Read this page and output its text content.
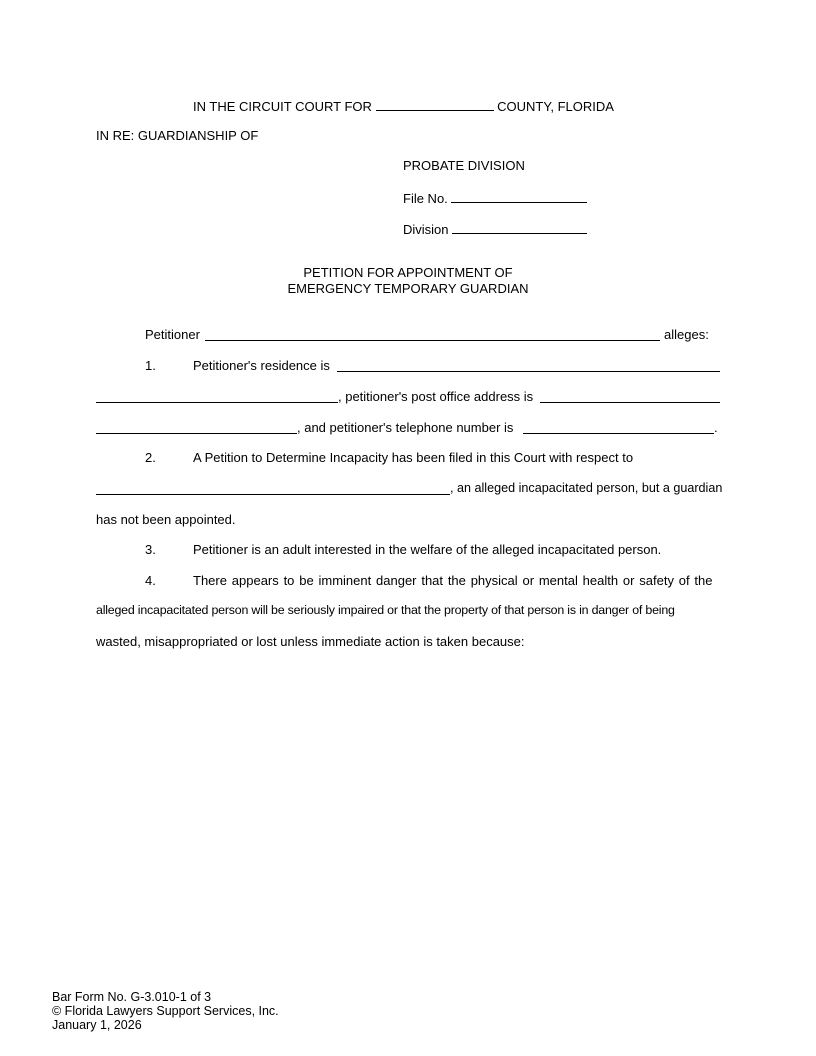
IN THE CIRCUIT COURT FOR	COUNTY, FLORIDA
IN RE: GUARDIANSHIP OF
PROBATE DIVISION
File No.
Division
PETITION FOR APPOINTMENT OF
EMERGENCY TEMPORARY GUARDIAN
Petitioner	alleges:
1.	Petitioner's residence is
, petitioner's post office address is
, and petitioner's telephone number is	.
2.	A Petition to Determine Incapacity has been filed in this Court with respect to
, an alleged incapacitated person, but a guardian
has not been appointed.
3.	Petitioner is an adult interested in the welfare of the alleged incapacitated person.
4.	There appears to be imminent danger that the physical or mental health or safety of the
alleged incapacitated person will be seriously impaired or that the property of that person is in danger of being
wasted, misappropriated or lost unless immediate action is taken because:
Bar Form No. G-3.010-1 of 3
© Florida Lawyers Support Services, Inc.
January 1, 2026
